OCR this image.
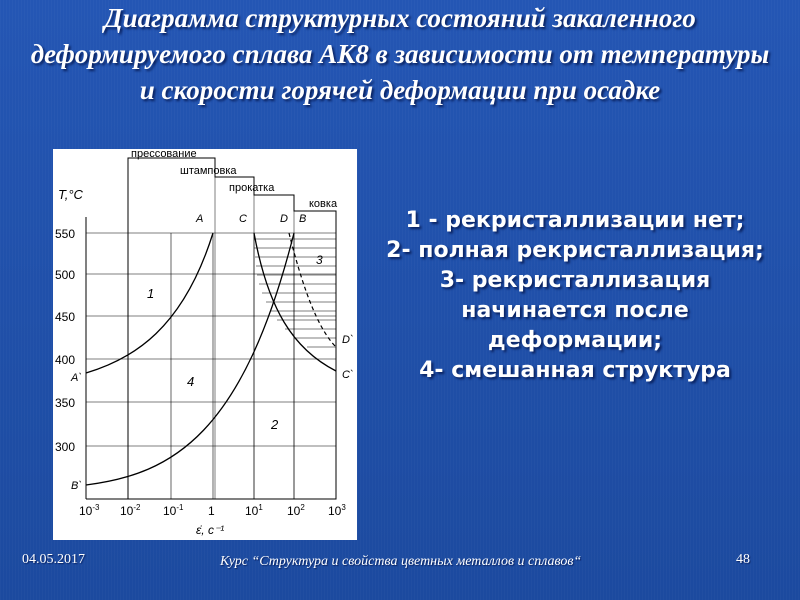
Диаграмма структурных состояний закаленного деформируемого сплава АК8 в зависимости от температуры и скорости горячей деформации при осадке
прессование
штамповка
прокатка
ковка
A	C	D B
A`
B`
C`
D`
1
2
3
4
T,°C
550
500
450
400
350
300
$10^{-3}$ $10^{-2}$ $10^{-1}$ 1	$10^1$ $10^2$ $10^3$
ε̇, c⁻¹
1 - рекристаллизации нет;
2- полная рекристаллизация;
3- рекристаллизация начинается после деформации;
4- смешанная структура
04.05.2017	Курс “Структура и свойства цветных металлов и сплавов“	48
